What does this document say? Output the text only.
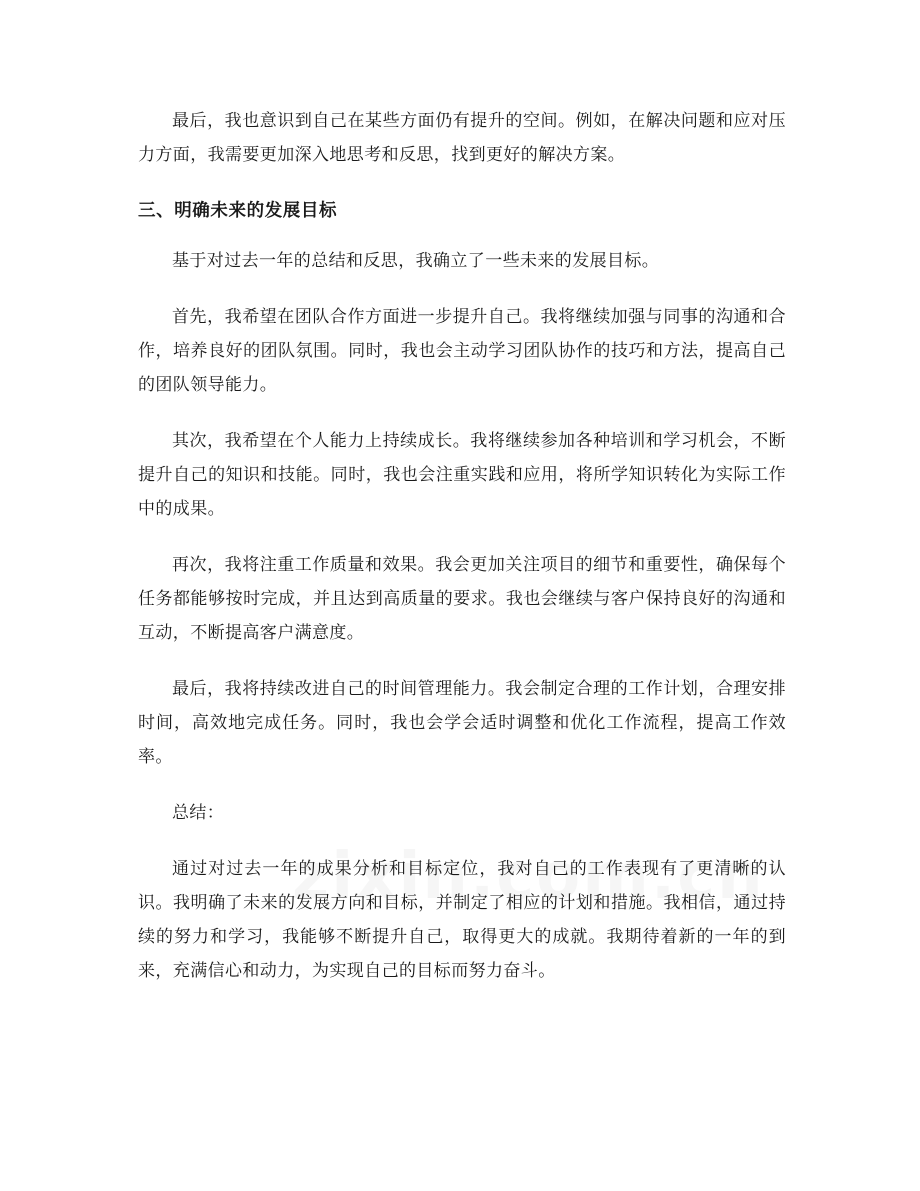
最后，我也意识到自己在某些方面仍有提升的空间。例如，在解决问题和应对压力方面，我需要更加深入地思考和反思，找到更好的解决方案。

三、明确未来的发展目标

基于对过去一年的总结和反思，我确立了一些未来的发展目标。

首先，我希望在团队合作方面进一步提升自己。我将继续加强与同事的沟通和合作，培养良好的团队氛围。同时，我也会主动学习团队协作的技巧和方法，提高自己的团队领导能力。

其次，我希望在个人能力上持续成长。我将继续参加各种培训和学习机会，不断提升自己的知识和技能。同时，我也会注重实践和应用，将所学知识转化为实际工作中的成果。

再次，我将注重工作质量和效果。我会更加关注项目的细节和重要性，确保每个任务都能够按时完成，并且达到高质量的要求。我也会继续与客户保持良好的沟通和互动，不断提高客户满意度。

最后，我将持续改进自己的时间管理能力。我会制定合理的工作计划，合理安排时间，高效地完成任务。同时，我也会学会适时调整和优化工作流程，提高工作效率。

总结：

通过对过去一年的成果分析和目标定位，我对自己的工作表现有了更清晰的认识。我明确了未来的发展方向和目标，并制定了相应的计划和措施。我相信，通过持续的努力和学习，我能够不断提升自己，取得更大的成就。我期待着新的一年的到来，充满信心和动力，为实现自己的目标而努力奋斗。
